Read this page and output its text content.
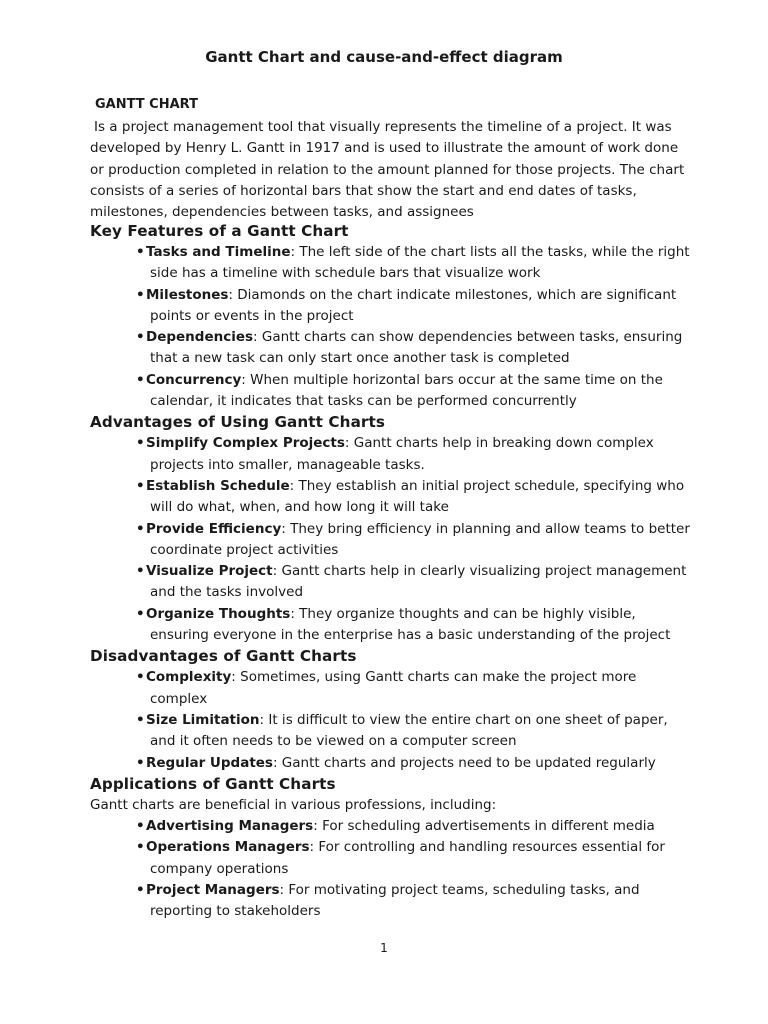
Gantt Chart and cause-and-effect diagram
GANTT CHART

Is a project management tool that visually represents the timeline of a project. It was developed by Henry L. Gantt in 1917 and is used to illustrate the amount of work done or production completed in relation to the amount planned for those projects. The chart consists of a series of horizontal bars that show the start and end dates of tasks, milestones, dependencies between tasks, and assignees

Key Features of a Gantt Chart
•Tasks and Timeline: The left side of the chart lists all the tasks, while the right side has a timeline with schedule bars that visualize work
•Milestones: Diamonds on the chart indicate milestones, which are significant points or events in the project
•Dependencies: Gantt charts can show dependencies between tasks, ensuring that a new task can only start once another task is completed
•Concurrency: When multiple horizontal bars occur at the same time on the calendar, it indicates that tasks can be performed concurrently
Advantages of Using Gantt Charts
•Simplify Complex Projects: Gantt charts help in breaking down complex projects into smaller, manageable tasks.
•Establish Schedule: They establish an initial project schedule, specifying who will do what, when, and how long it will take
•Provide Efficiency: They bring efficiency in planning and allow teams to better coordinate project activities
•Visualize Project: Gantt charts help in clearly visualizing project management and the tasks involved
•Organize Thoughts: They organize thoughts and can be highly visible, ensuring everyone in the enterprise has a basic understanding of the project
Disadvantages of Gantt Charts
•Complexity: Sometimes, using Gantt charts can make the project more complex
•Size Limitation: It is difficult to view the entire chart on one sheet of paper, and it often needs to be viewed on a computer screen
•Regular Updates: Gantt charts and projects need to be updated regularly
Applications of Gantt Charts

Gantt charts are beneficial in various professions, including:

•Advertising Managers: For scheduling advertisements in different media
•Operations Managers: For controlling and handling resources essential for company operations
•Project Managers: For motivating project teams, scheduling tasks, and reporting to stakeholders
1
